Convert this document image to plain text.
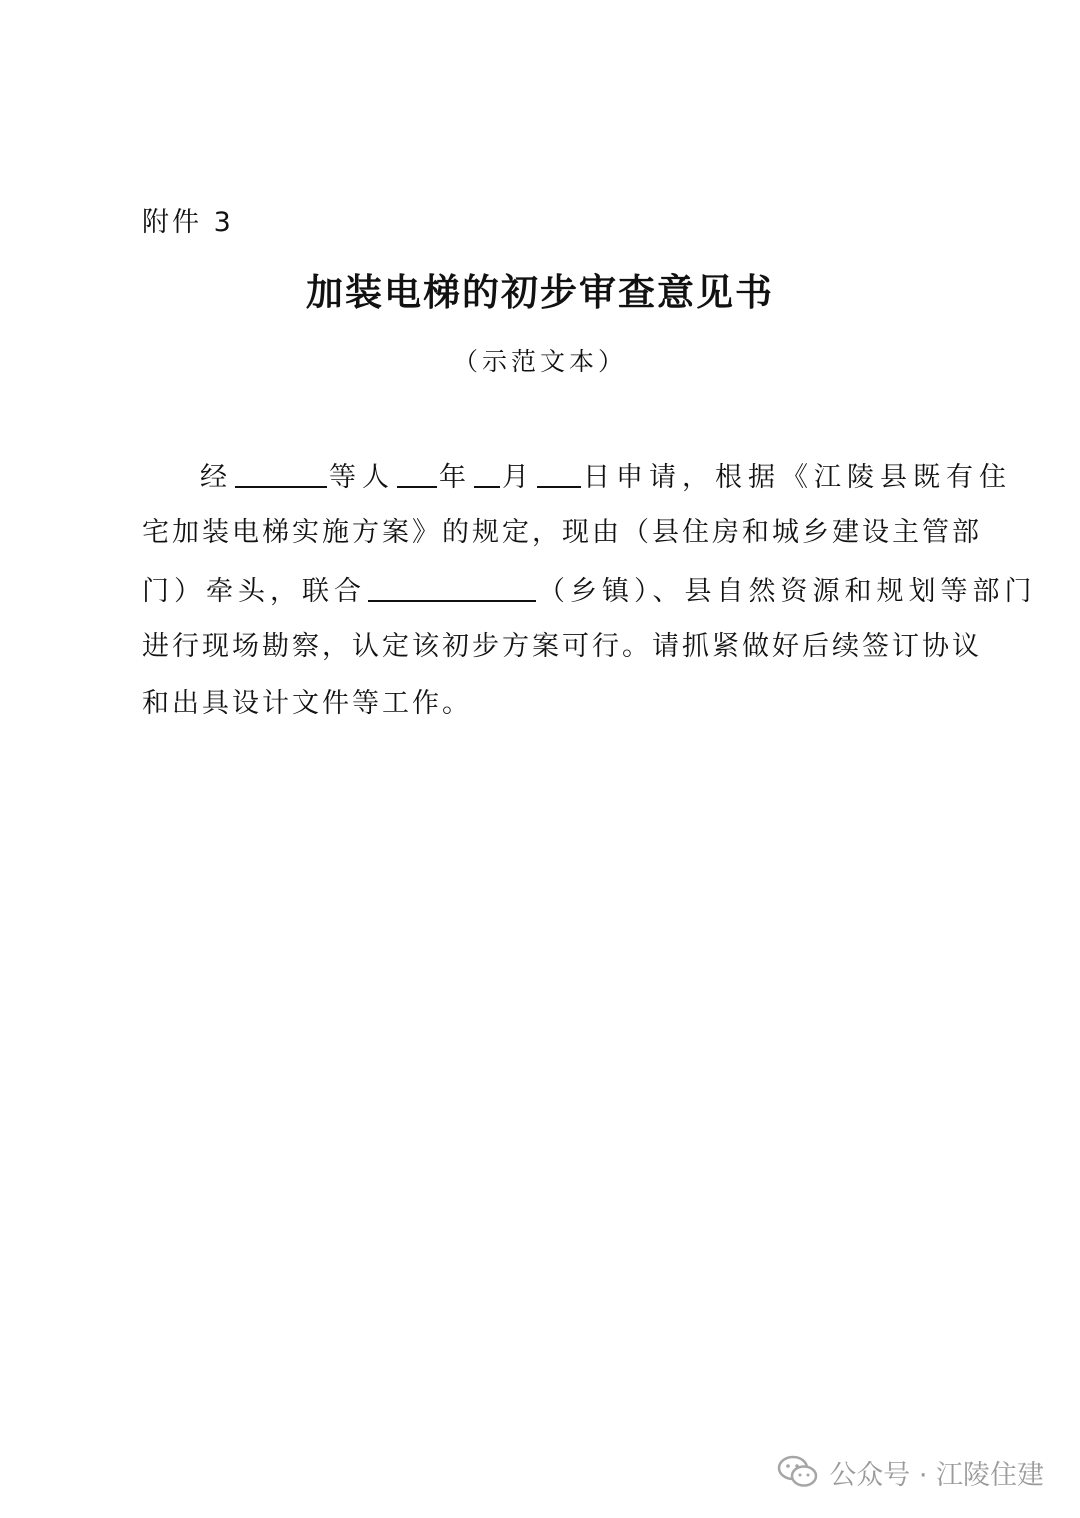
附件 3
加装电梯的初步审查意见书
（示范文本）
经	等人 年 月 日申请，根据《江陵县既有住
宅加装电梯实施方案》的规定，现由（县住房和城乡建设主管部
门）牵头，联合	（乡镇）、县自然资源和规划等部门
进行现场勘察，认定该初步方案可行。请抓紧做好后续签订协议
和出具设计文件等工作。
公众号 · 江陵住建
